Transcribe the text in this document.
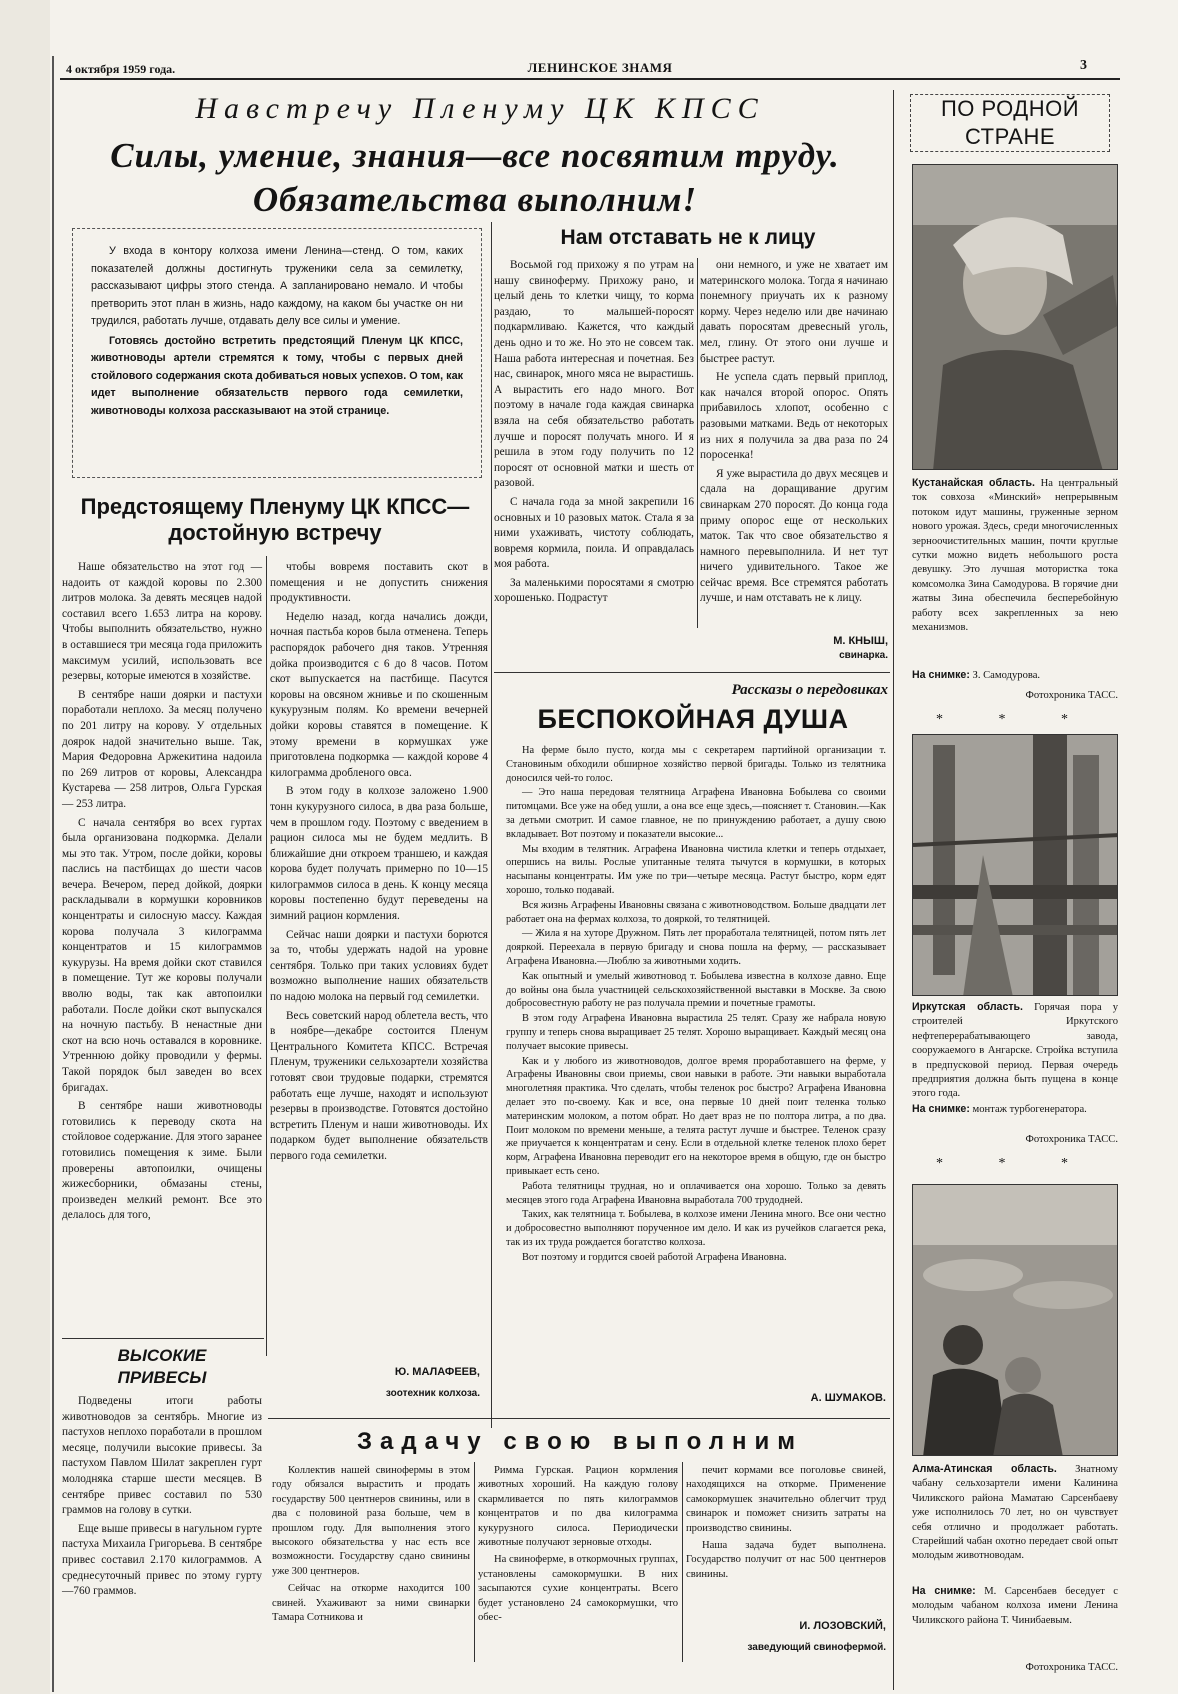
4 октября 1959 года.	ЛЕНИНСКОЕ ЗНАМЯ	3
Навстречу Пленуму ЦК КПСС
Силы, умение, знания—все посвятим труду.
Обязательства выполним!

У входа в контору колхоза имени Ленина—стенд. О том, каких показателей должны достигнуть труженики села за семилетку, рассказывают цифры этого стенда. А запланировано немало. И чтобы претворить этот план в жизнь, надо каждому, на каком бы участке он ни трудился, работать лучше, отдавать делу все силы и умение.

Готовясь достойно встретить предстоящий Пленум ЦК КПСС, животноводы артели стремятся к тому, чтобы с первых дней стойлового содержания скота добиваться новых успехов. О том, как идет выполнение обязательств первого года семилетки, животноводы колхоза рассказывают на этой странице.

Предстоящему Пленуму ЦК КПСС—
достойную встречу

Наше обязательство на этот год — надоить от каждой коровы по 2.300 литров молока. За девять месяцев надой составил всего 1.653 литра на корову. Чтобы выполнить обязательство, нужно в оставшиеся три месяца года приложить максимум усилий, использовать все резервы, которые имеются в хозяйстве.

В сентябре наши доярки и пастухи поработали неплохо. За месяц получено по 201 литру на корову. У отдельных доярок надой значительно выше. Так, Мария Федоровна Аржекитина надоила по 269 литров от коровы, Александра Кустарева — 258 литров, Ольга Гурская — 253 литра.

С начала сентября во всех гуртах была организована подкормка. Делали мы это так. Утром, после дойки, коровы паслись на пастбищах до шести часов вечера. Вечером, перед дойкой, доярки раскладывали в кормушки коровников концентраты и силосную массу. Каждая корова получала 3 килограмма концентратов и 15 килограммов кукурузы. На время дойки скот ставился в помещение. Тут же коровы получали вволю воды, так как автопоилки работали. После дойки скот выпускался на ночную пастьбу. В ненастные дни скот на всю ночь оставался в коровнике. Утреннюю дойку проводили у фермы. Такой порядок был заведен во всех бригадах.

В сентябре наши животноводы готовились к переводу скота на стойловое содержание. Для этого заранее готовились помещения к зиме. Были проверены автопоилки, очищены жижесборники, обмазаны стены, произведен мелкий ремонт. Все это делалось для того,

чтобы вовремя поставить скот в помещения и не допустить снижения продуктивности.

Неделю назад, когда начались дожди, ночная пастьба коров была отменена. Теперь распорядок рабочего дня таков. Утренняя дойка производится с 6 до 8 часов. Потом скот выпускается на пастбище. Пасутся коровы на овсяном жнивье и по скошенным кукурузным полям. Ко времени вечерней дойки коровы ставятся в помещение. К этому времени в кормушках уже приготовлена подкормка — каждой корове 4 килограмма дробленого овса.

В этом году в колхозе заложено 1.900 тонн кукурузного силоса, в два раза больше, чем в прошлом году. Поэтому с введением в рацион силоса мы не будем медлить. В ближайшие дни откроем траншею, и каждая корова будет получать примерно по 10—15 килограммов силоса в день. К концу месяца коровы постепенно будут переведены на зимний рацион кормления.

Сейчас наши доярки и пастухи борются за то, чтобы удержать надой на уровне сентября. Только при таких условиях будет возможно выполнение наших обязательств по надою молока на первый год семилетки.

Весь советский народ облетела весть, что в ноябре—декабре состоится Пленум Центрального Комитета КПСС. Встречая Пленум, труженики сельхозартели хозяйства готовят свои трудовые подарки, стремятся работать еще лучше, находят и используют резервы в производстве. Готовятся достойно встретить Пленум и наши животноводы. Их подарком будет выполнение обязательств первого года семилетки.

Ю. МАЛАФЕЕВ,
зоотехник колхоза.
ВЫСОКИЕ
ПРИВЕСЫ

Подведены итоги работы животноводов за сентябрь. Многие из пастухов неплохо поработали в прошлом месяце, получили высокие привесы. За пастухом Павлом Шилат закреплен гурт молодняка старше шести месяцев. В сентябре привес составил по 530 граммов на голову в сутки.

Еще выше привесы в нагульном гурте пастуха Михаила Григорьева. В сентябре привес составил 2.170 килограммов. А среднесуточный привес по этому гурту—760 граммов.

Нам отставать не к лицу

Восьмой год прихожу я по утрам на нашу свиноферму. Прихожу рано, и целый день то клетки чищу, то корма раздаю, то малышей-поросят подкармливаю. Кажется, что каждый день одно и то же. Но это не совсем так. Наша работа интересная и почетная. Без нас, свинарок, много мяса не вырастишь. А вырастить его надо много. Вот поэтому в начале года каждая свинарка взяла на себя обязательство работать лучше и поросят получать много. И я решила в этом году получить по 12 поросят от основной матки и шесть от разовой.

С начала года за мной закрепили 16 основных и 10 разовых маток. Стала я за ними ухаживать, чистоту соблюдать, вовремя кормила, поила. И оправдалась моя работа.

За маленькими поросятами я смотрю хорошенько. Подрастут

они немного, и уже не хватает им материнского молока. Тогда я начинаю понемногу приучать их к разному корму. Через неделю или две начинаю давать поросятам древесный уголь, мел, глину. От этого они лучше и быстрее растут.

Не успела сдать первый приплод, как начался второй опорос. Опять прибавилось хлопот, особенно с разовыми матками. Ведь от некоторых из них я получила за два раза по 24 поросенка!

Я уже вырастила до двух месяцев и сдала на доращивание другим свинаркам 270 поросят. До конца года приму опорос еще от нескольких маток. Так что свое обязательство я намного перевыполнила. И нет тут ничего удивительного. Такое же сейчас время. Все стремятся работать лучше, и нам отставать не к лицу.

М. КНЫШ,
свинарка.
Рассказы о передовиках
БЕСПОКОЙНАЯ ДУША

На ферме было пусто, когда мы с секретарем партийной организации т. Становиным обходили обширное хозяйство первой бригады. Только из телятника доносился чей-то голос.

— Это наша передовая телятница Аграфена Ивановна Бобылева со своими питомцами. Все уже на обед ушли, а она все еще здесь,—поясняет т. Становин.—Как за детьми смотрит. И самое главное, не по принуждению работает, а душу свою вкладывает. Вот поэтому и показатели высокие...

Мы входим в телятник. Аграфена Ивановна чистила клетки и теперь отдыхает, опершись на вилы. Рослые упитанные телята тычутся в кормушки, в которых насыпаны концентраты. Им уже по три—четыре месяца. Растут быстро, корм едят хорошо, только подавай.

Вся жизнь Аграфены Ивановны связана с животноводством. Больше двадцати лет работает она на фермах колхоза, то дояркой, то телятницей.

— Жила я на хуторе Дружном. Пять лет проработала телятницей, потом пять лет дояркой. Переехала в первую бригаду и снова пошла на ферму, — рассказывает Аграфена Ивановна.—Люблю за животными ходить.

Как опытный и умелый животновод т. Бобылева известна в колхозе давно. Еще до войны она была участницей сельскохозяйственной выставки в Москве. За свою добросовестную работу не раз получала премии и почетные грамоты.

В этом году Аграфена Ивановна вырастила 25 телят. Сразу же набрала новую группу и теперь снова выращивает 25 телят. Хорошо выращивает. Каждый месяц она получает высокие привесы.

Как и у любого из животноводов, долгое время проработавшего на ферме, у Аграфены Ивановны свои приемы, свои навыки в работе. Эти навыки выработала многолетняя практика. Что сделать, чтобы теленок рос быстро? Аграфена Ивановна делает это по-своему. Как и все, она первые 10 дней поит теленка только материнским молоком, а потом обрат. Но дает враз не по полтора литра, а по два. Поит молоком по времени меньше, а телята растут лучше и быстрее. Теленок сразу же приучается к концентратам и сену. Если в отдельной клетке теленок плохо берет корм, Аграфена Ивановна переводит его на некоторое время в общую, где он быстро привыкает есть сено.

Работа телятницы трудная, но и оплачивается она хорошо. Только за девять месяцев этого года Аграфена Ивановна выработала 700 трудодней.

Таких, как телятница т. Бобылева, в колхозе имени Ленина много. Все они честно и добросовестно выполняют порученное им дело. И как из ручейков слагается река, так из их труда рождается богатство колхоза.

Вот поэтому и гордится своей работой Аграфена Ивановна.

А. ШУМАКОВ.
Задачу свою выполним

Коллектив нашей свинофермы в этом году обязался вырастить и продать государству 500 центнеров свинины, или в два с половиной раза больше, чем в прошлом году. Для выполнения этого высокого обязательства у нас есть все возможности. Государству сдано свинины уже 300 центнеров.

Сейчас на откорме находится 100 свиней. Ухаживают за ними свинарки Тамара Сотникова и

Римма Гурская. Рацион кормления животных хороший. На каждую голову скармливается по пять килограммов концентратов и по два килограмма кукурузного силоса. Периодически животные получают зерновые отходы.

На свиноферме, в откормочных группах, установлены самокормушки. В них засыпаются сухие концентраты. Всего будет установлено 24 самокормушки, что обес-

печит кормами все поголовье свиней, находящихся на откорме. Применение самокормушек значительно облегчит труд свинарок и поможет снизить затраты на производство свинины.

Наша задача будет выполнена. Государство получит от нас 500 центнеров свинины.

И. ЛОЗОВСКИЙ,
заведующий свинофермой.
ПО РОДНОЙ
СТРАНЕ
Кустанайская область. На центральный ток совхоза «Минский» непрерывным потоком идут машины, груженные зерном нового урожая. Здесь, среди многочисленных зерноочистительных машин, почти круглые сутки можно видеть небольшого роста девушку. Это лучшая мотористка тока комсомолка Зина Самодурова. В горячие дни жатвы Зина обеспечила бесперебойную работу всех закрепленных за нею механизмов.
На снимке: З. Самодурова.
Фотохроника ТАСС.
* * *
Иркутская область. Горячая пора у строителей Иркутского нефтеперерабатывающего завода, сооружаемого в Ангарске. Стройка вступила в предпусковой период. Первая очередь предприятия должна быть пущена в конце этого года.
На снимке: монтаж турбогенератора.
Фотохроника ТАСС.
* * *
Алма-Атинская область. Знатному чабану сельхозартели имени Калинина Чиликского района Маматаю Сарсенбаеву уже исполнилось 70 лет, но он чувствует себя отлично и продолжает работать. Старейший чабан охотно передает свой опыт молодым животноводам.
На снимке: М. Сарсенбаев беседует с молодым чабаном колхоза имени Ленина Чиликского района Т. Чинибаевым.
Фотохроника ТАСС.
